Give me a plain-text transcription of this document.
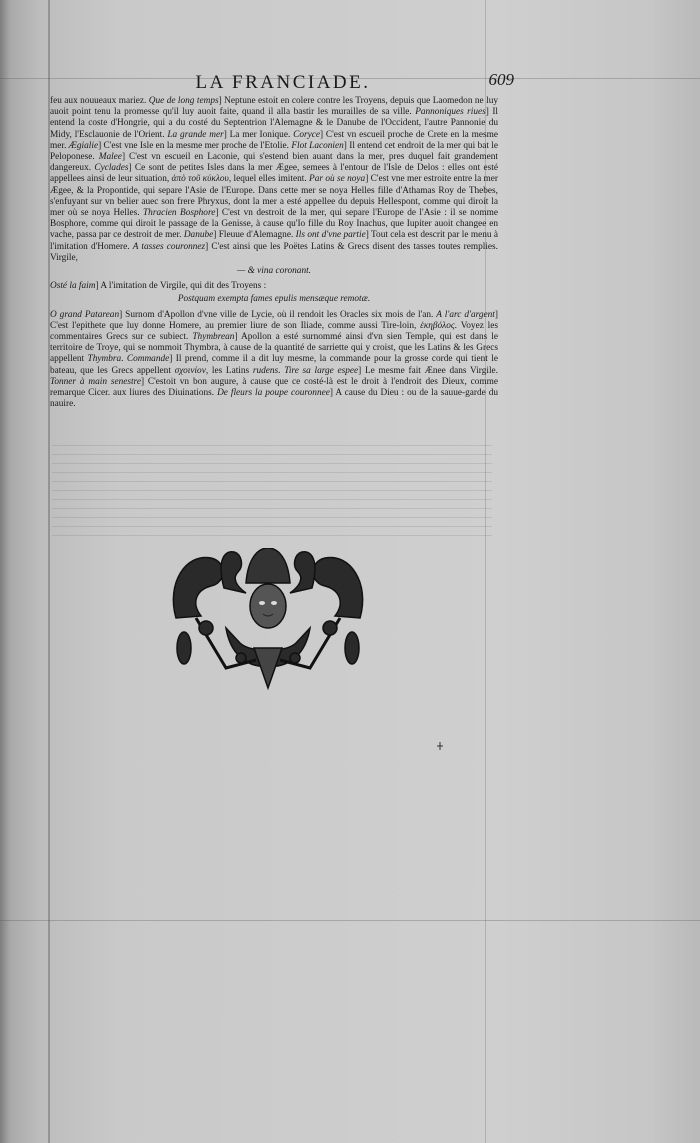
LA FRANCIADE.	609

feu aux nouueaux mariez. Que de long temps] Neptune estoit en colere contre les Troyens, depuis que Laomedon ne luy auoit point tenu la promesse qu'il luy auoit faite, quand il alla bastir les murailles de sa ville. Pannoniques riues] Il entend la coste d'Hongrie, qui a du costé du Septentrion l'Alemagne & le Danube de l'Occident, l'autre Pannonie du Midy, l'Esclauonie de l'Orient. La grande mer] La mer Ionique. Coryce] C'est vn escueil proche de Crete en la mesme mer. Ægialie] C'est vne Isle en la mesme mer proche de l'Etolie. Flot Laconien] Il entend cet endroit de la mer qui bat le Peloponese. Malee] C'est vn escueil en Laconie, qui s'estend bien auant dans la mer, pres duquel fait grandement dangereux. Cyclades] Ce sont de petites Isles dans la mer Ægee, semees à l'entour de l'Isle de Delos : elles ont esté appellees ainsi de leur situation, ἀπὸ τοῦ κύκλου, lequel elles imitent. Par où se noya] C'est vne mer estroite entre la mer Ægee, & la Propontide, qui separe l'Asie de l'Europe. Dans cette mer se noya Helles fille d'Athamas Roy de Thebes, s'enfuyant sur vn belier auec son frere Phryxus, dont la mer a esté appellee du depuis Hellespont, comme qui diroit la mer où se noya Helles. Thracien Bosphore] C'est vn destroit de la mer, qui separe l'Europe de l'Asie : il se nomme Bosphore, comme qui diroit le passage de la Genisse, à cause qu'Io fille du Roy Inachus, que Iupiter auoit changee en vache, passa par ce destroit de mer. Danube] Fleuue d'Alemagne. Ils ont d'vne partie] Tout cela est descrit par le menu à l'imitation d'Homere. A tasses couronnez] C'est ainsi que les Poëtes Latins & Grecs disent des tasses toutes remplies. Virgile,

— & vina coronant.

Osté la faim] A l'imitation de Virgile, qui dit des Troyens :

Postquam exempta fames epulis mensæque remotæ.

O grand Patarean] Surnom d'Apollon d'vne ville de Lycie, où il rendoit les Oracles six mois de l'an. A l'arc d'argent] C'est l'epithete que luy donne Homere, au premier liure de son Iliade, comme aussi Tire-loin, ἑκηβόλος. Voyez les commentaires Grecs sur ce subiect. Thymbrean] Apollon a esté surnommé ainsi d'vn sien Temple, qui est dans le territoire de Troye, qui se nommoit Thymbra, à cause de la quantité de sarriette qui y croist, que les Latins & les Grecs appellent Thymbra. Commande] Il prend, comme il a dit luy mesme, la commande pour la grosse corde qui tient le bateau, que les Grecs appellent σχοινίον, les Latins rudens. Tire sa large espee] Le mesme fait Æneе dans Virgile. Tonner à main senestre] C'estoit vn bon augure, à cause que ce costé-là est le droit à l'endroit des Dieux, comme remarque Cicer. aux liures des Diuinations. De fleurs la poupe couronnee] A cause du Dieu : ou de la sauue-garde du nauire.
